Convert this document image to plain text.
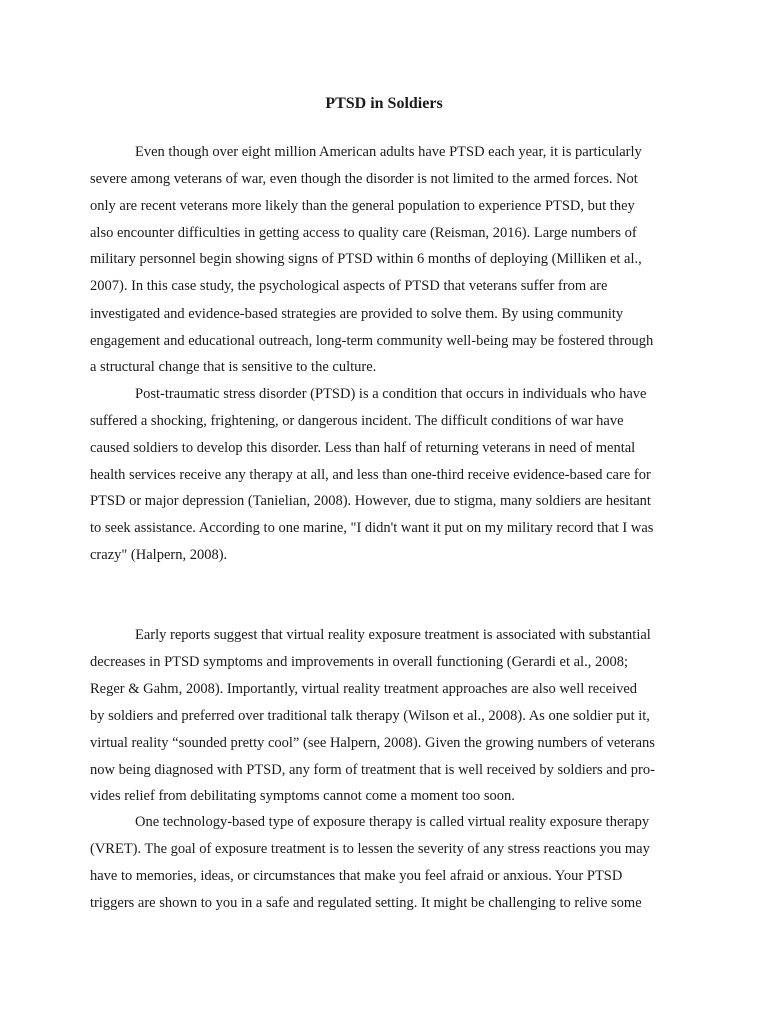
PTSD in Soldiers

Even though over eight million American adults have PTSD each year, it is particularly

severe among veterans of war, even though the disorder is not limited to the armed forces. Not

only are recent veterans more likely than the general population to experience PTSD, but they

also encounter difficulties in getting access to quality care (Reisman, 2016). Large numbers of

military personnel begin showing signs of PTSD within 6 months of deploying (Milliken et al.,

2007). In this case study, the psychological aspects of PTSD that veterans suffer from are

investigated and evidence-based strategies are provided to solve them. By using community

engagement and educational outreach, long-term community well-being may be fostered through

a structural change that is sensitive to the culture.

Post-traumatic stress disorder (PTSD) is a condition that occurs in individuals who have

suffered a shocking, frightening, or dangerous incident. The difficult conditions of war have

caused soldiers to develop this disorder. Less than half of returning veterans in need of mental

health services receive any therapy at all, and less than one-third receive evidence-based care for

PTSD or major depression (Tanielian, 2008). However, due to stigma, many soldiers are hesitant

to seek assistance. According to one marine, "I didn't want it put on my military record that I was

crazy" (Halpern, 2008).

Early reports suggest that virtual reality exposure treatment is associated with substantial

decreases in PTSD symptoms and improvements in overall functioning (Gerardi et al., 2008;

Reger & Gahm, 2008). Importantly, virtual reality treatment approaches are also well received

by soldiers and preferred over traditional talk therapy (Wilson et al., 2008). As one soldier put it,

virtual reality “sounded pretty cool” (see Halpern, 2008). Given the growing numbers of veterans

now being diagnosed with PTSD, any form of treatment that is well received by soldiers and pro-

vides relief from debilitating symptoms cannot come a moment too soon.

One technology-based type of exposure therapy is called virtual reality exposure therapy

(VRET). The goal of exposure treatment is to lessen the severity of any stress reactions you may

have to memories, ideas, or circumstances that make you feel afraid or anxious. Your PTSD

triggers are shown to you in a safe and regulated setting. It might be challenging to relive some
